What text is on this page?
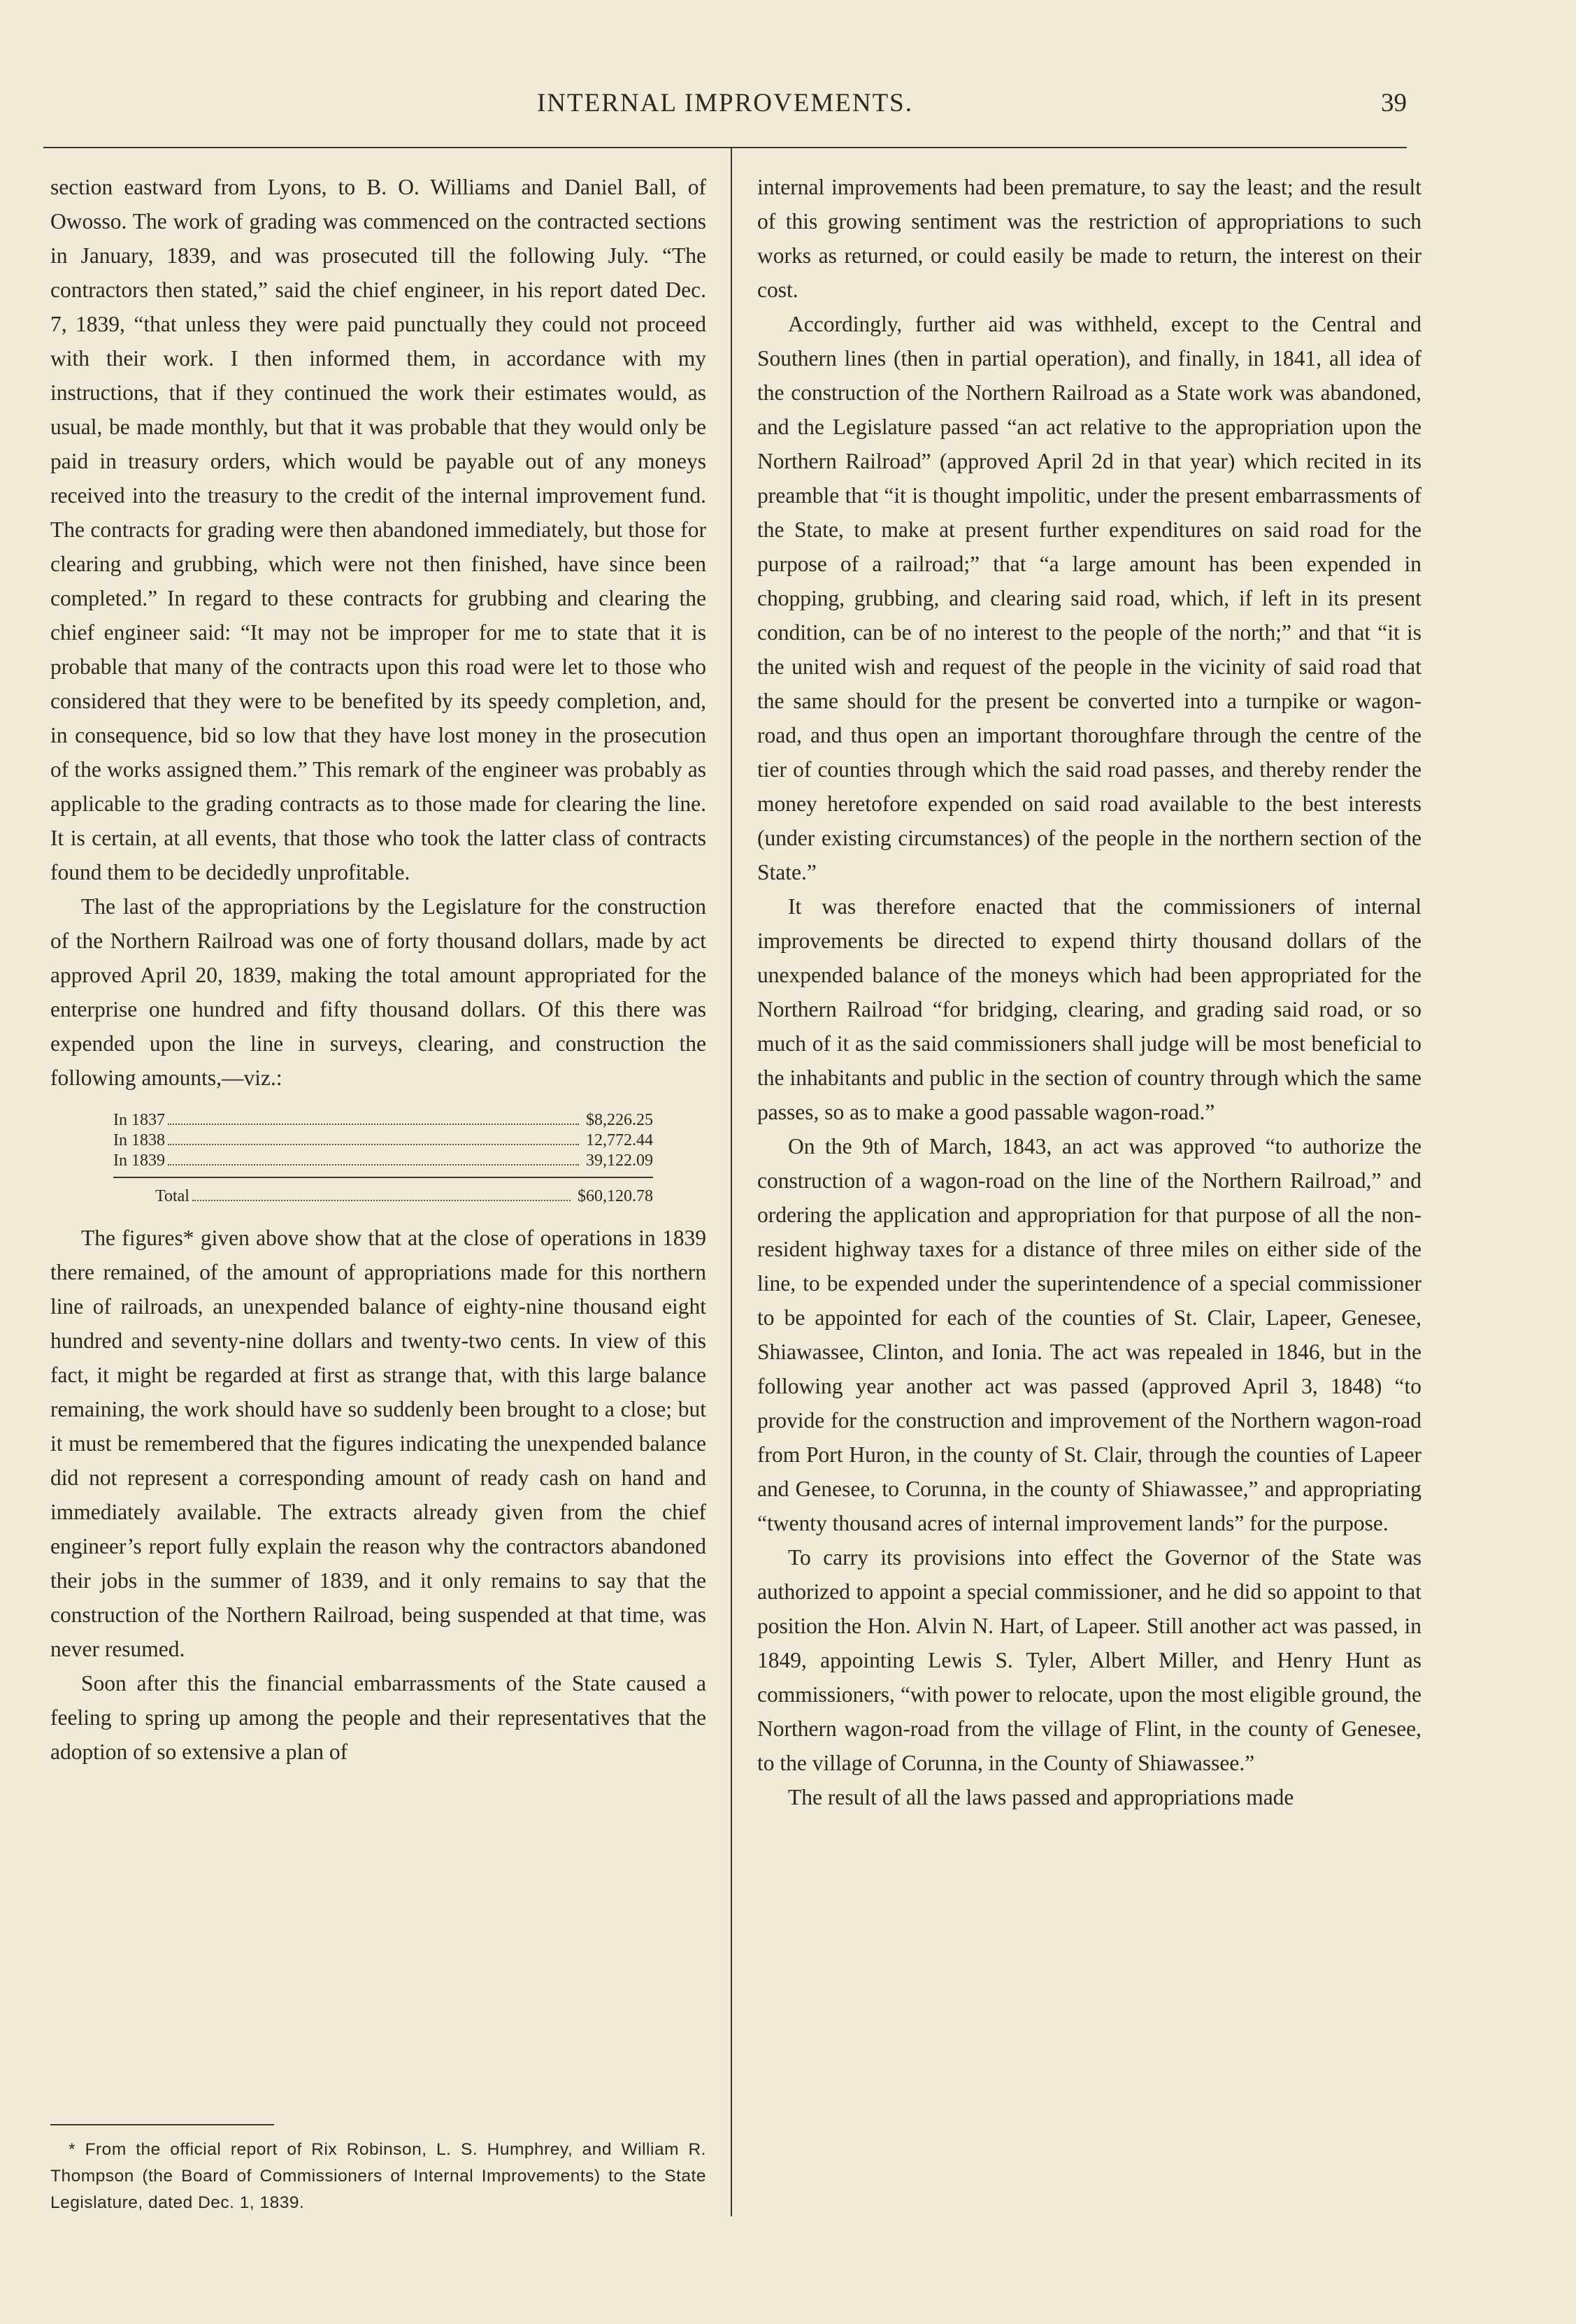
INTERNAL IMPROVEMENTS.	39

section eastward from Lyons, to B. O. Williams and Daniel Ball, of Owosso. The work of grading was commenced on the contracted sections in January, 1839, and was prosecuted till the following July. “The contractors then stated,” said the chief engineer, in his report dated Dec. 7, 1839, “that unless they were paid punctually they could not proceed with their work. I then informed them, in accordance with my instructions, that if they continued the work their estimates would, as usual, be made monthly, but that it was probable that they would only be paid in treasury orders, which would be payable out of any moneys received into the treasury to the credit of the internal improvement fund. The contracts for grading were then abandoned immediately, but those for clearing and grubbing, which were not then finished, have since been completed.” In regard to these contracts for grubbing and clearing the chief engineer said: “It may not be improper for me to state that it is probable that many of the contracts upon this road were let to those who considered that they were to be benefited by its speedy completion, and, in consequence, bid so low that they have lost money in the prosecution of the works assigned them.” This remark of the engineer was probably as applicable to the grading contracts as to those made for clearing the line. It is certain, at all events, that those who took the latter class of contracts found them to be decidedly unprofitable.

The last of the appropriations by the Legislature for the construction of the Northern Railroad was one of forty thousand dollars, made by act approved April 20, 1839, making the total amount appropriated for the enterprise one hundred and fifty thousand dollars. Of this there was expended upon the line in surveys, clearing, and construction the following amounts,—viz.:

In 1837	$8,226.25
In 1838	12,772.44
In 1839	39,122.09
Total	$60,120.78

The figures* given above show that at the close of operations in 1839 there remained, of the amount of appropriations made for this northern line of railroads, an unexpended balance of eighty-nine thousand eight hundred and seventy-nine dollars and twenty-two cents. In view of this fact, it might be regarded at first as strange that, with this large balance remaining, the work should have so suddenly been brought to a close; but it must be remembered that the figures indicating the unexpended balance did not represent a corresponding amount of ready cash on hand and immediately available. The extracts already given from the chief engineer’s report fully explain the reason why the contractors abandoned their jobs in the summer of 1839, and it only remains to say that the construction of the Northern Railroad, being suspended at that time, was never resumed.

Soon after this the financial embarrassments of the State caused a feeling to spring up among the people and their representatives that the adoption of so extensive a plan of

* From the official report of Rix Robinson, L. S. Humphrey, and William R. Thompson (the Board of Commissioners of Internal Improvements) to the State Legislature, dated Dec. 1, 1839.

internal improvements had been premature, to say the least; and the result of this growing sentiment was the restriction of appropriations to such works as returned, or could easily be made to return, the interest on their cost.

Accordingly, further aid was withheld, except to the Central and Southern lines (then in partial operation), and finally, in 1841, all idea of the construction of the Northern Railroad as a State work was abandoned, and the Legislature passed “an act relative to the appropriation upon the Northern Railroad” (approved April 2d in that year) which recited in its preamble that “it is thought impolitic, under the present embarrassments of the State, to make at present further expenditures on said road for the purpose of a railroad;” that “a large amount has been expended in chopping, grubbing, and clearing said road, which, if left in its present condition, can be of no interest to the people of the north;” and that “it is the united wish and request of the people in the vicinity of said road that the same should for the present be converted into a turnpike or wagon-road, and thus open an important thoroughfare through the centre of the tier of counties through which the said road passes, and thereby render the money heretofore expended on said road available to the best interests (under existing circumstances) of the people in the northern section of the State.”

It was therefore enacted that the commissioners of internal improvements be directed to expend thirty thousand dollars of the unexpended balance of the moneys which had been appropriated for the Northern Railroad “for bridging, clearing, and grading said road, or so much of it as the said commissioners shall judge will be most beneficial to the inhabitants and public in the section of country through which the same passes, so as to make a good passable wagon-road.”

On the 9th of March, 1843, an act was approved “to authorize the construction of a wagon-road on the line of the Northern Railroad,” and ordering the application and appropriation for that purpose of all the non-resident highway taxes for a distance of three miles on either side of the line, to be expended under the superintendence of a special commissioner to be appointed for each of the counties of St. Clair, Lapeer, Genesee, Shiawassee, Clinton, and Ionia. The act was repealed in 1846, but in the following year another act was passed (approved April 3, 1848) “to provide for the construction and improvement of the Northern wagon-road from Port Huron, in the county of St. Clair, through the counties of Lapeer and Genesee, to Corunna, in the county of Shiawassee,” and appropriating “twenty thousand acres of internal improvement lands” for the purpose.

To carry its provisions into effect the Governor of the State was authorized to appoint a special commissioner, and he did so appoint to that position the Hon. Alvin N. Hart, of Lapeer. Still another act was passed, in 1849, appointing Lewis S. Tyler, Albert Miller, and Henry Hunt as commissioners, “with power to relocate, upon the most eligible ground, the Northern wagon-road from the village of Flint, in the county of Genesee, to the village of Corunna, in the County of Shiawassee.”

The result of all the laws passed and appropriations made
